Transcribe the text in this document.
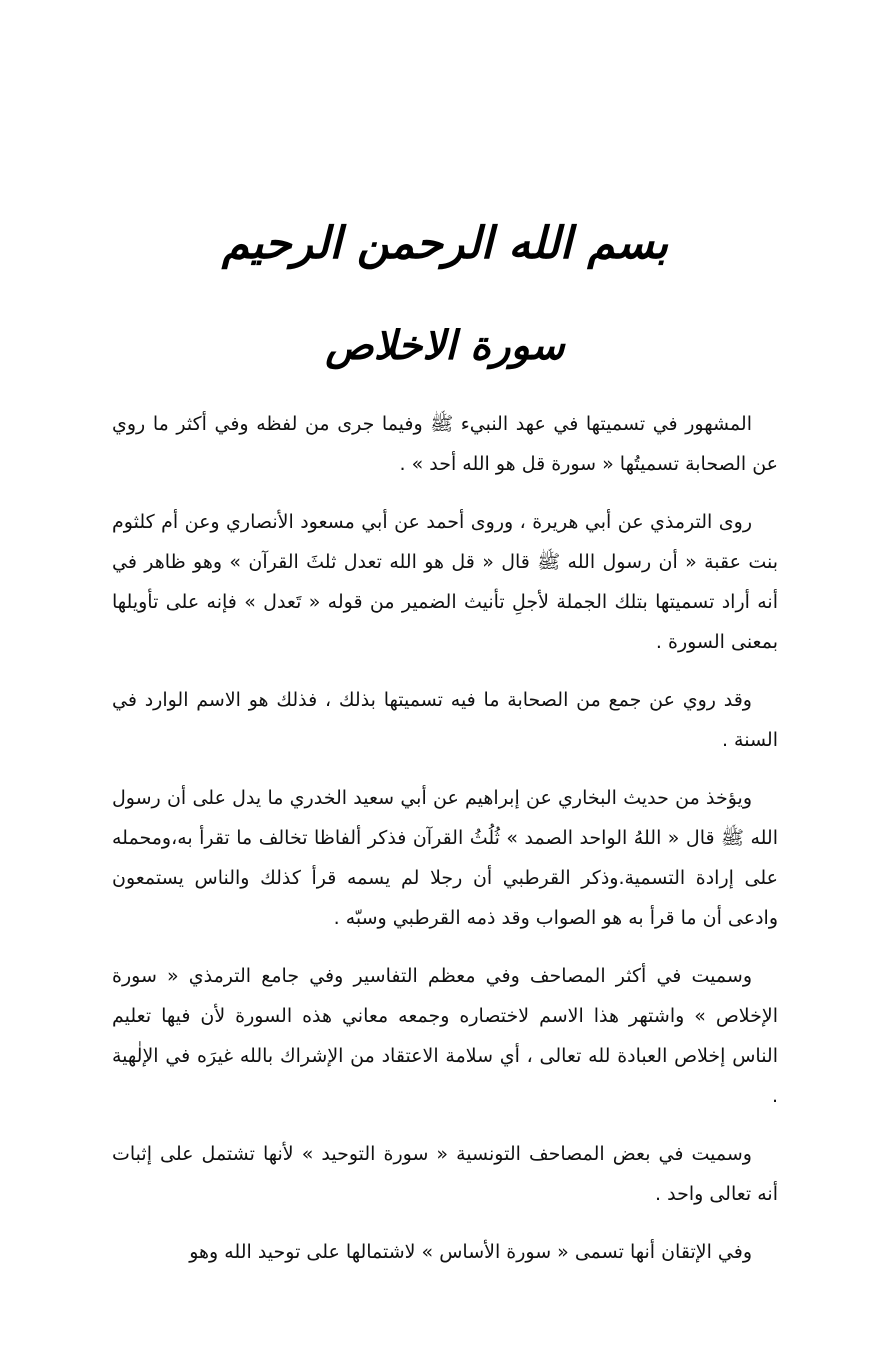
بسم الله الرحمن الرحيم
سورة الاخلاص

المشهور في تسميتها في عهد النبيء ﷺ وفيما جرى من لفظه وفي أكثر ما روي عن الصحابة تسميتُها « سورة قل هو الله أحد » .

روى الترمذي عن أبي هريرة ، وروى أحمد عن أبي مسعود الأنصاري وعن أم كلثوم بنت عقبة « أن رسول الله ﷺ قال « قل هو الله تعدل ثلثَ القرآن » وهو ظاهر في أنه أراد تسميتها بتلك الجملة لأجلِ تأنيث الضمير من قوله « تَعدل » فإنه على تأويلها بمعنى السورة .

وقد روي عن جمع من الصحابة ما فيه تسميتها بذلك ، فذلك هو الاسم الوارد في السنة .

ويؤخذ من حديث البخاري عن إبراهيم عن أبي سعيد الخدري ما يدل على أن رسول الله ﷺ قال « اللهُ الواحد الصمد » ثُلُثُ القرآن فذكر ألفاظا تخالف ما تقرأ به،ومحمله على إرادة التسمية.وذكر القرطبي أن رجلا لم يسمه قرأ كذلك والناس يستمعون وادعى أن ما قرأ به هو الصواب وقد ذمه القرطبي وسبّه .

وسميت في أكثر المصاحف وفي معظم التفاسير وفي جامع الترمذي « سورة الإخلاص » واشتهر هذا الاسم لاختصاره وجمعه معاني هذه السورة لأن فيها تعليم الناس إخلاص العبادة لله تعالى ، أي سلامة الاعتقاد من الإشراك بالله غيرَه في الإلٰهية .

وسميت في بعض المصاحف التونسية « سورة التوحيد » لأنها تشتمل على إثبات أنه تعالى واحد .

وفي الإتقان أنها تسمى « سورة الأساس » لاشتمالها على توحيد الله وهو
